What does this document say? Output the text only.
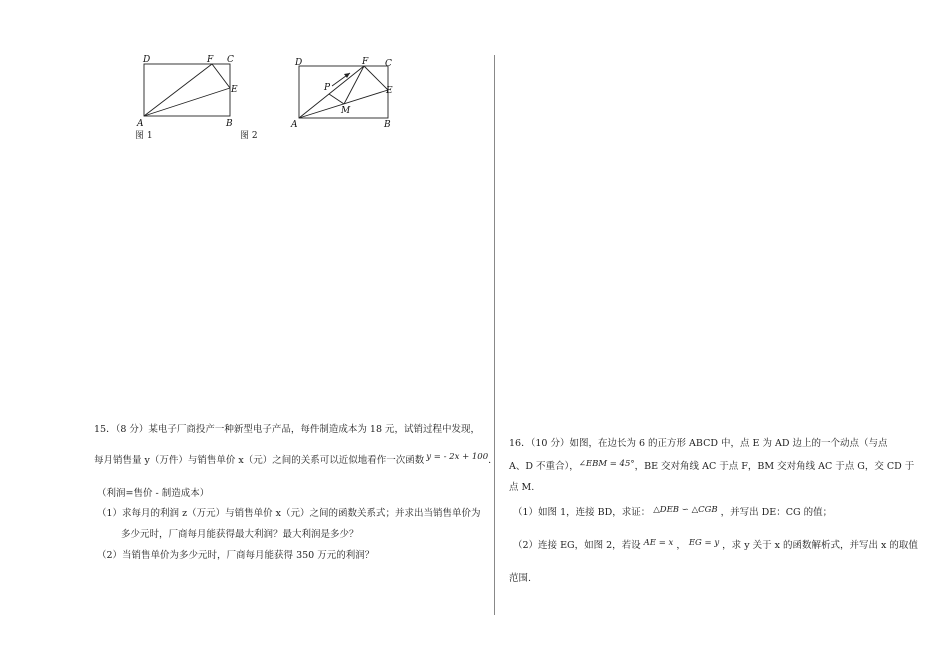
D	F C
E
A	B
图 1	图 2
D	F C
P	E
M
A	B
15．（8 分）某电子厂商投产一种新型电子产品，每件制造成本为 18 元，试销过程中发现，
每月销售量 y（万件）与销售单价 x（元）之间的关系可以近似地看作一次函数 y = - 2x + 100.
（利润=售价 - 制造成本）
（1）求每月的利润 z（万元）与销售单价 x（元）之间的函数关系式；并求出当销售单价为
多少元时，厂商每月能获得最大利润？最大利润是多少？
（2）当销售单价为多少元时，厂商每月能获得 350 万元的利润？
16．（10 分）如图，在边长为 6 的正方形 ABCD 中，点 E 为 AD 边上的一个动点（与点
A、D 不重合），∠EBM = 45°，BE 交对角线 AC 于点 F，BM 交对角线 AC 于点 G，交 CD 于
点 M.
（1）如图 1，连接 BD，求证： △DEB ∽ △CGB ，并写出 DE：CG 的值；
（2）连接 EG，如图 2，若设 AE = x ， EG = y ，求 y 关于 x 的函数解析式，并写出 x 的取值
范围.
